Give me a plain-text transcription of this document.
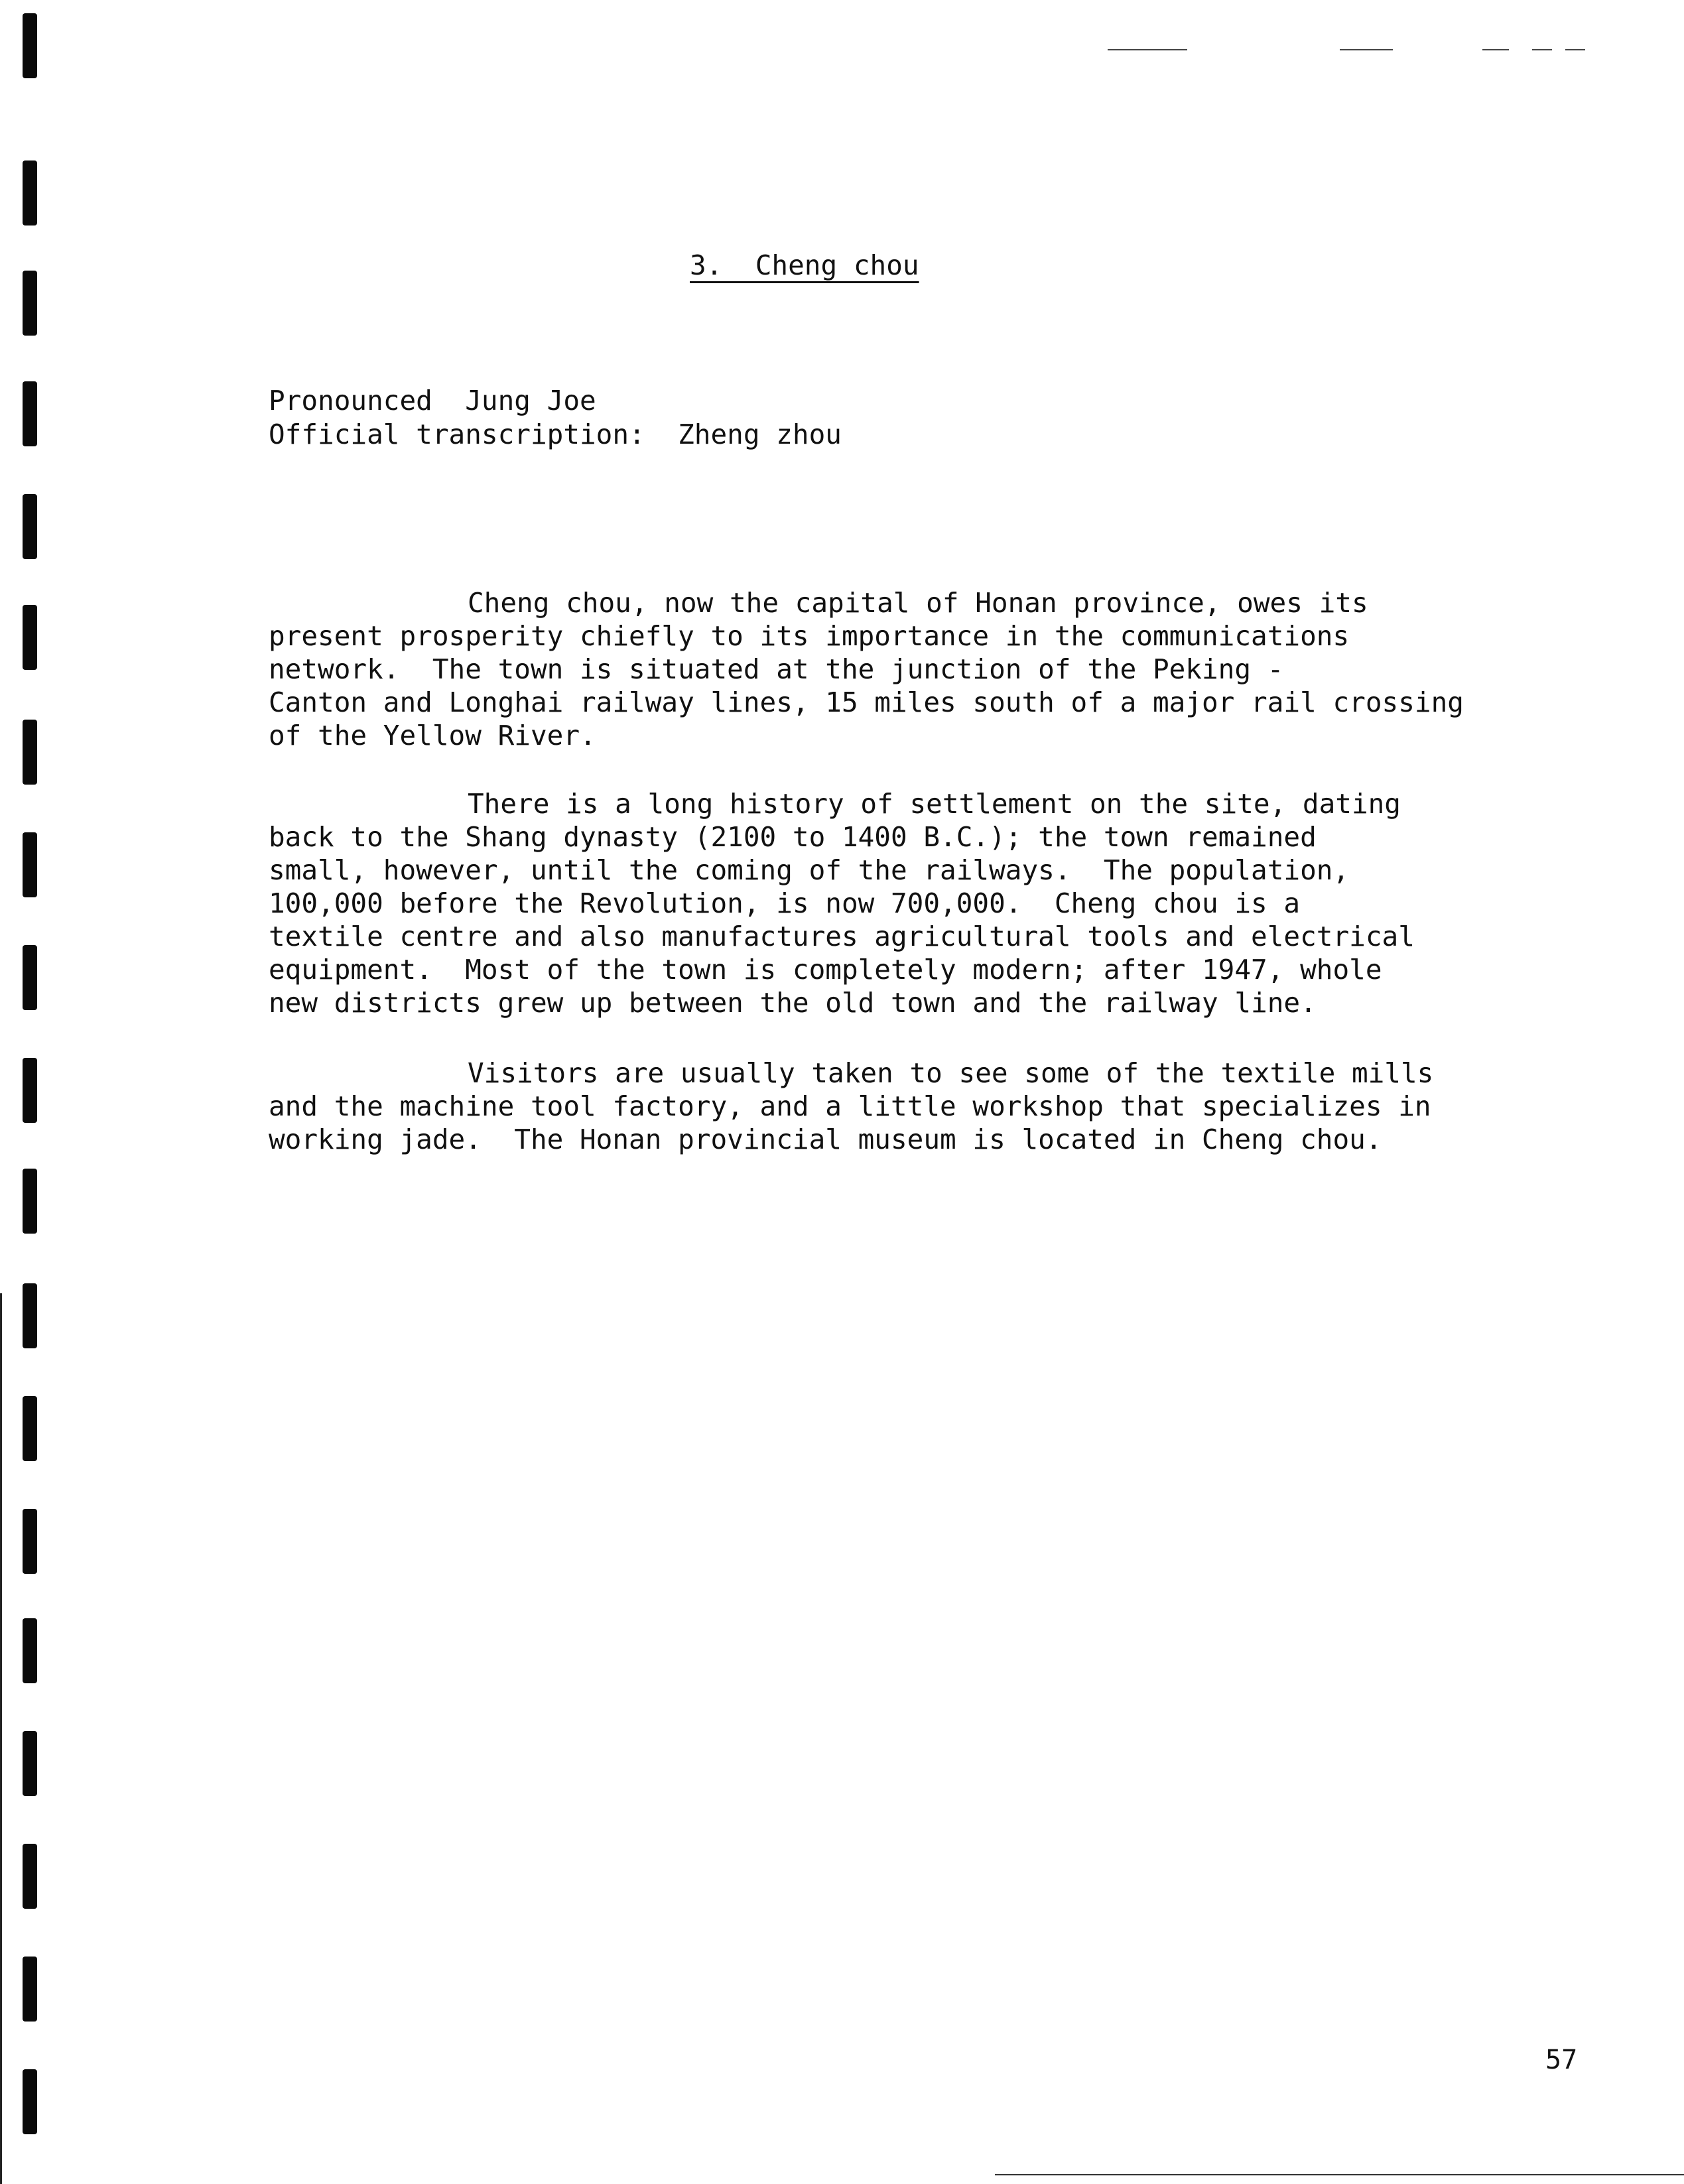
3.  Cheng chou
Pronounced Jung Joe
Official transcription: Zheng zhou
Cheng chou, now the capital of Honan province, owes its
present prosperity chiefly to its importance in the communications
network.  The town is situated at the junction of the Peking -
Canton and Longhai railway lines, 15 miles south of a major rail crossing
of the Yellow River.
There is a long history of settlement on the site, dating
back to the Shang dynasty (2100 to 1400 B.C.); the town remained
small, however, until the coming of the railways.  The population,
100,000 before the Revolution, is now 700,000.  Cheng chou is a
textile centre and also manufactures agricultural tools and electrical
equipment.  Most of the town is completely modern; after 1947, whole
new districts grew up between the old town and the railway line.
Visitors are usually taken to see some of the textile mills
and the machine tool factory, and a little workshop that specializes in
working jade.  The Honan provincial museum is located in Cheng chou.
57
